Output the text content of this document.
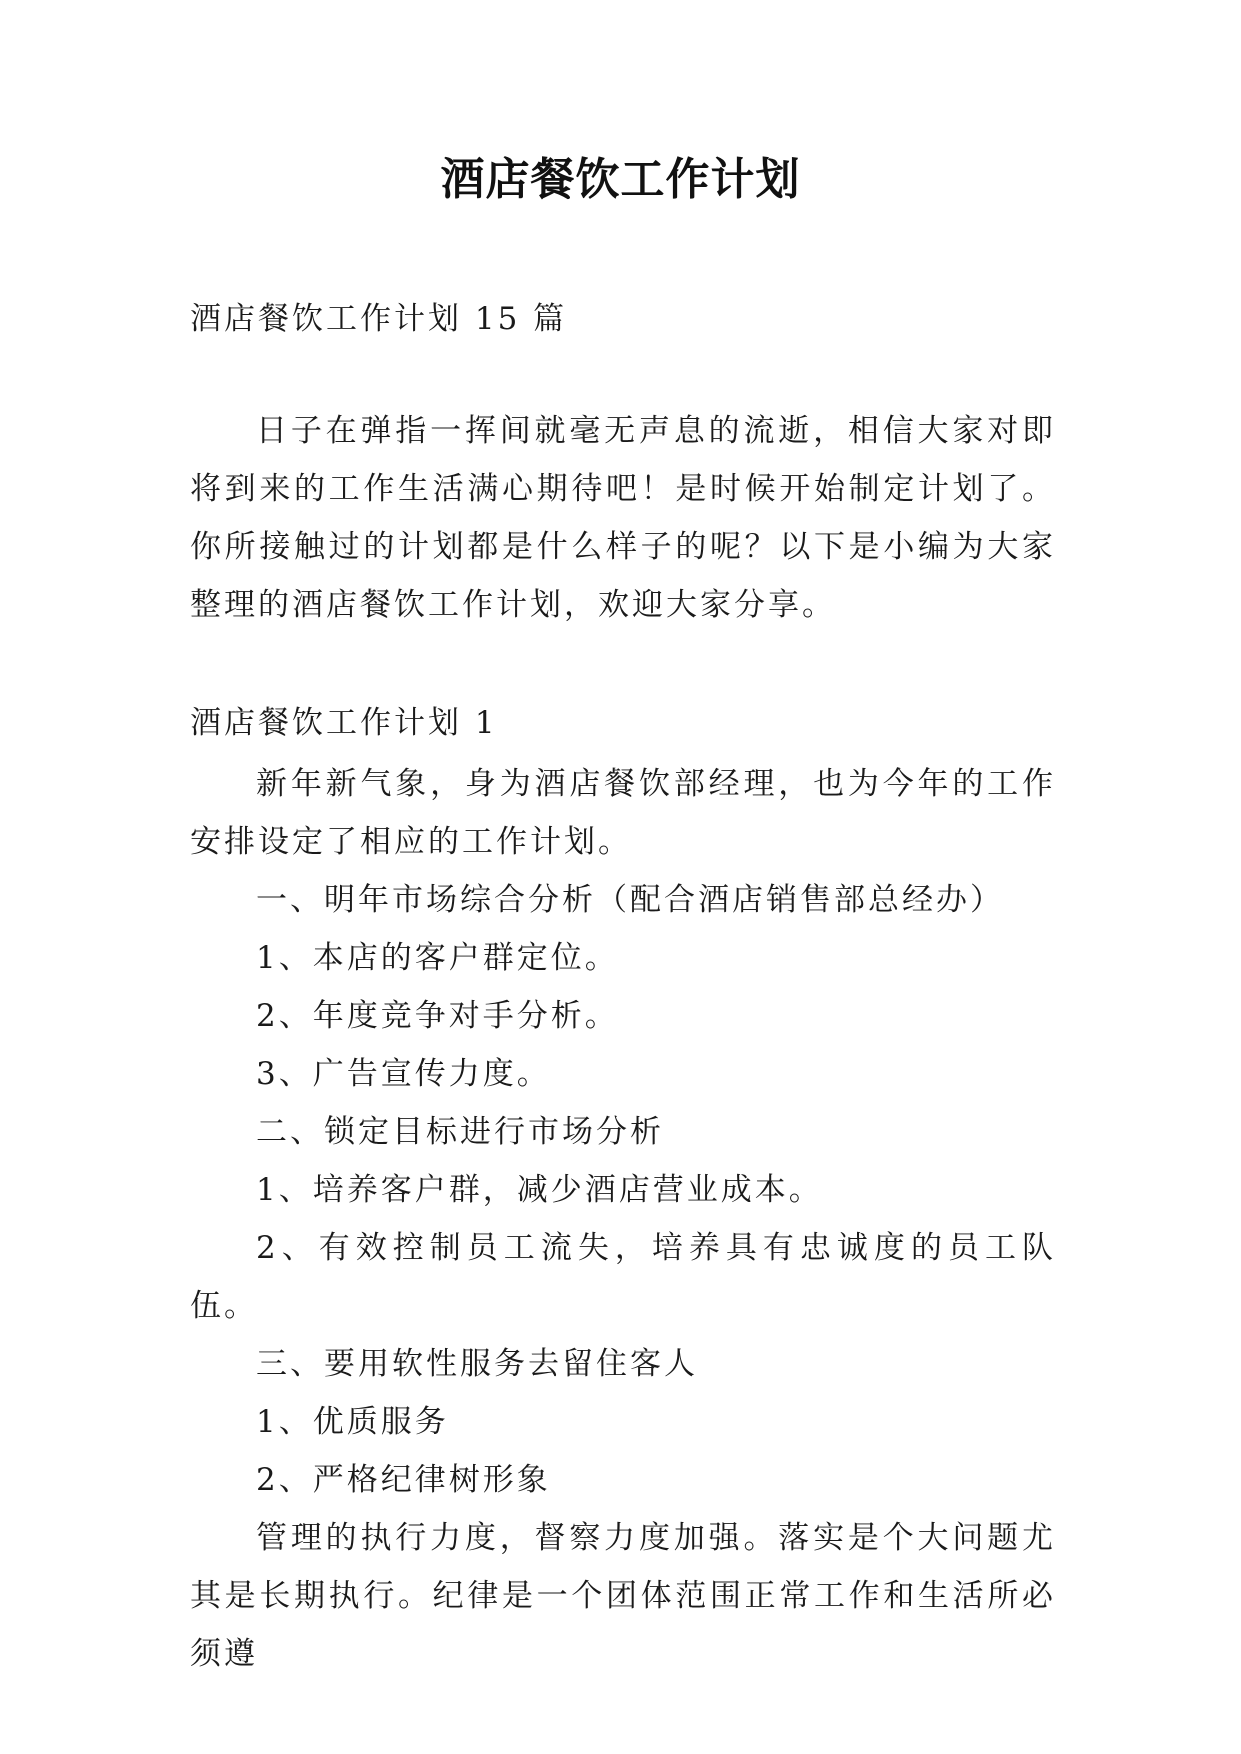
酒店餐饮工作计划

酒店餐饮工作计划 15 篇

日子在弹指一挥间就毫无声息的流逝，相信大家对即将到来的工作生活满心期待吧！是时候开始制定计划了。你所接触过的计划都是什么样子的呢？以下是小编为大家整理的酒店餐饮工作计划，欢迎大家分享。

酒店餐饮工作计划 1

新年新气象，身为酒店餐饮部经理，也为今年的工作安排设定了相应的工作计划。

一、明年市场综合分析（配合酒店销售部总经办）

1、本店的客户群定位。

2、年度竞争对手分析。

3、广告宣传力度。

二、锁定目标进行市场分析

1、培养客户群，减少酒店营业成本。

2、有效控制员工流失，培养具有忠诚度的员工队伍。

三、要用软性服务去留住客人

1、优质服务

2、严格纪律树形象

管理的执行力度，督察力度加强。落实是个大问题尤其是长期执行。纪律是一个团体范围正常工作和生活所必须遵
